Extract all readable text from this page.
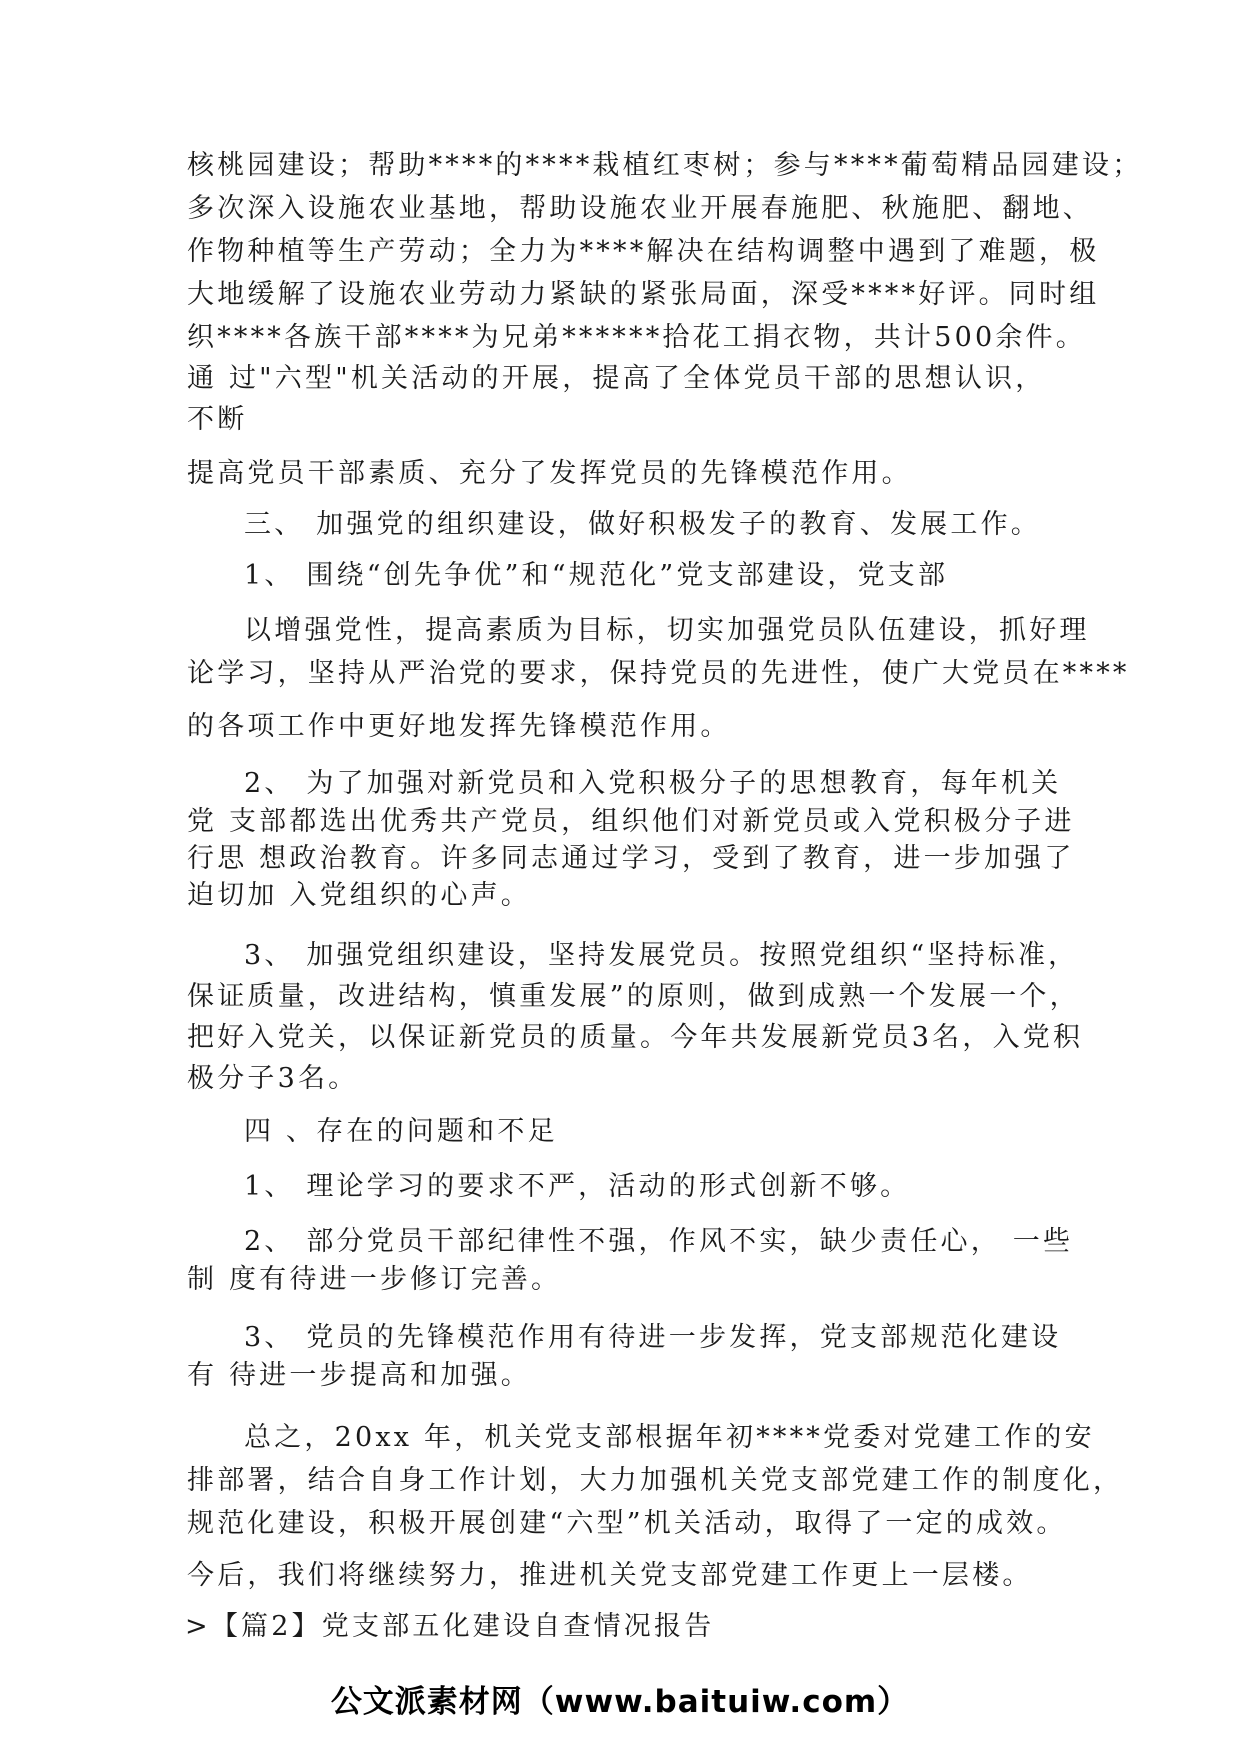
核桃园建设；帮助****的****栽植红枣树；参与****葡萄精品园建设；
多次深入设施农业基地，帮助设施农业开展春施肥、秋施肥、翻地、
作物种植等生产劳动；全力为****解决在结构调整中遇到了难题，极
大地缓解了设施农业劳动力紧缺的紧张局面，深受****好评。同时组
织****各族干部****为兄弟******拾花工捐衣物，共计500余件。
通 过"六型"机关活动的开展，提高了全体党员干部的思想认识，
不断
提高党员干部素质、充分了发挥党员的先锋模范作用。
三、 加强党的组织建设，做好积极发子的教育、发展工作。
1、 围绕“创先争优”和“规范化”党支部建设，党支部
以增强党性，提高素质为目标，切实加强党员队伍建设，抓好理
论学习，坚持从严治党的要求，保持党员的先进性，使广大党员在****
的各项工作中更好地发挥先锋模范作用。
2、 为了加强对新党员和入党积极分子的思想教育，每年机关
党 支部都选出优秀共产党员，组织他们对新党员或入党积极分子进
行思 想政治教育。许多同志通过学习，受到了教育，进一步加强了
迫切加 入党组织的心声。
3、 加强党组织建设，坚持发展党员。按照党组织“坚持标准，
保证质量，改进结构，慎重发展”的原则，做到成熟一个发展一个，
把好入党关，以保证新党员的质量。今年共发展新党员3名，入党积
极分子3名。
四 、存在的问题和不足
1、 理论学习的要求不严，活动的形式创新不够。
2、 部分党员干部纪律性不强，作风不实，缺少责任心， 一些
制 度有待进一步修订完善。
3、 党员的先锋模范作用有待进一步发挥，党支部规范化建设
有 待进一步提高和加强。
总之，20xx 年，机关党支部根据年初****党委对党建工作的安
排部署，结合自身工作计划，大力加强机关党支部党建工作的制度化，
规范化建设，积极开展创建“六型”机关活动，取得了一定的成效。
今后，我们将继续努力，推进机关党支部党建工作更上一层楼。
>【篇2】党支部五化建设自查情况报告
公文派素材网（www.baituiw.com）
